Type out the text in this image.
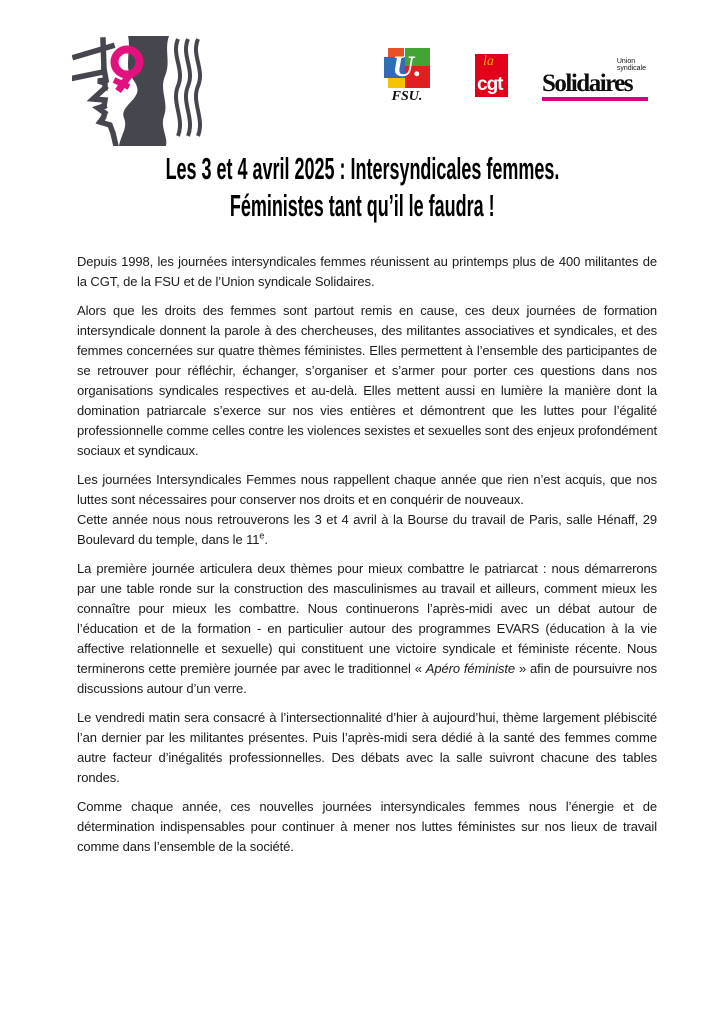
U.
FSU.
la
cgt
Union
syndicale
Solidaires
Les 3 et 4 avril 2025 : Intersyndicales femmes.
Féministes tant qu’il le faudra !

Depuis 1998, les journées intersyndicales femmes réunissent au printemps plus de 400 militantes de la CGT, de la FSU et de l’Union syndicale Solidaires.

Alors que les droits des femmes sont partout remis en cause, ces deux journées de formation intersyndicale donnent la parole à des chercheuses, des militantes associatives et syndicales, et des femmes concernées sur quatre thèmes féministes. Elles permettent à l’ensemble des participantes de se retrouver pour réfléchir, échanger, s’organiser et s’armer pour porter ces questions dans nos organisations syndicales respectives et au-delà. Elles mettent aussi en lumière la manière dont la domination patriarcale s’exerce sur nos vies entières et démontrent que les luttes pour l’égalité professionnelle comme celles contre les violences sexistes et sexuelles sont des enjeux profondément sociaux et syndicaux.

Les journées Intersyndicales Femmes nous rappellent chaque année que rien n’est acquis, que nos luttes sont nécessaires pour conserver nos droits et en conquérir de nouveaux.
Cette année nous nous retrouverons les 3 et 4 avril à la Bourse du travail de Paris, salle Hénaff, 29 Boulevard du temple, dans le 11e.

La première journée articulera deux thèmes pour mieux combattre le patriarcat : nous démarrerons par une table ronde sur la construction des masculinismes au travail et ailleurs, comment mieux les connaître pour mieux les combattre. Nous continuerons l’après-midi avec un débat autour de l’éducation et de la formation - en particulier autour des programmes EVARS (éducation à la vie affective relationnelle et sexuelle) qui constituent une victoire syndicale et féministe récente. Nous terminerons cette première journée par avec le traditionnel « Apéro féministe » afin de poursuivre nos discussions autour d’un verre.

Le vendredi matin sera consacré à l’intersectionnalité d’hier à aujourd’hui, thème largement plébiscité l’an dernier par les militantes présentes. Puis l’après-midi sera dédié à la santé des femmes comme autre facteur d’inégalités professionnelles. Des débats avec la salle suivront chacune des tables rondes.

Comme chaque année, ces nouvelles journées intersyndicales femmes nous l’énergie et de détermination indispensables pour continuer à mener nos luttes féministes sur nos lieux de travail comme dans l’ensemble de la société.
